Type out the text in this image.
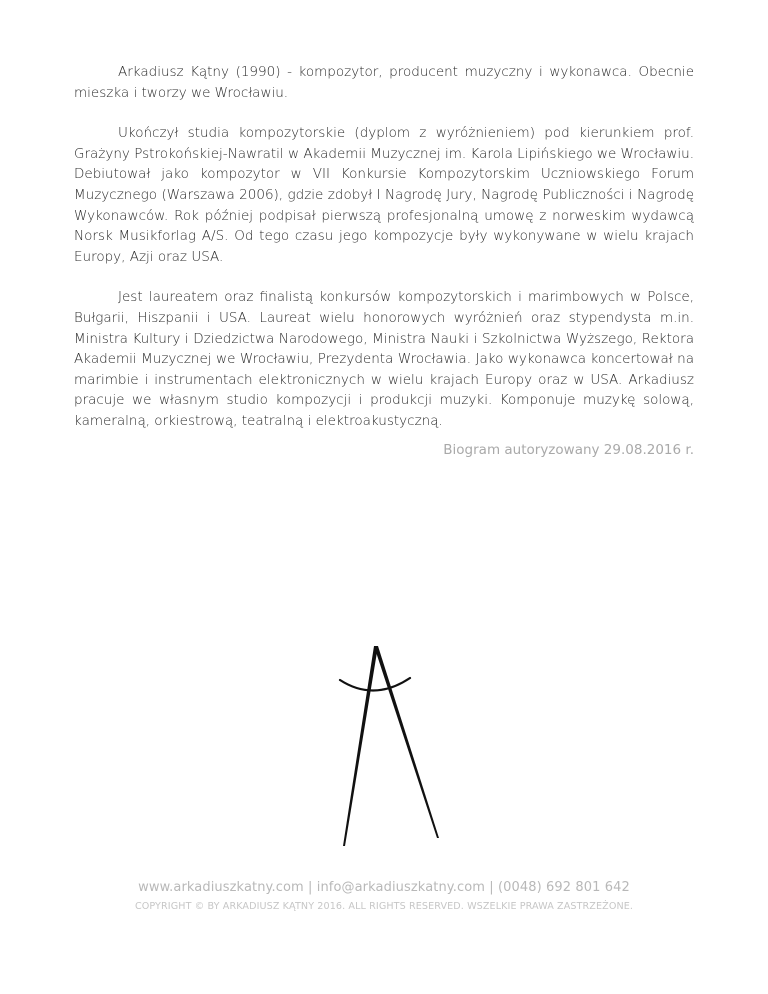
Arkadiusz Kątny (1990) - kompozytor, producent muzyczny i wykonawca. Obecnie mieszka i tworzy we Wrocławiu.

Ukończył studia kompozytorskie (dyplom z wyróżnieniem) pod kierunkiem prof. Grażyny Pstrokońskiej-Nawratil w Akademii Muzycznej im. Karola Lipińskiego we Wrocławiu. Debiutował jako kompozytor w VII Konkursie Kompozytorskim Uczniowskiego Forum Muzycznego (Warszawa 2006), gdzie zdobył I Nagrodę Jury, Nagrodę Publiczności i Nagrodę Wykonawców. Rok później podpisał pierwszą profesjonalną umowę z norweskim wydawcą Norsk Musikforlag A/S. Od tego czasu jego kompozycje były wykonywane w wielu krajach Europy, Azji oraz USA.

Jest laureatem oraz finalistą konkursów kompozytorskich i marimbowych w Polsce, Bułgarii, Hiszpanii i USA. Laureat wielu honorowych wyróżnień oraz stypendysta m.in. Ministra Kultury i Dziedzictwa Narodowego, Ministra Nauki i Szkolnictwa Wyższego, Rektora Akademii Muzycznej we Wrocławiu, Prezydenta Wrocławia. Jako wykonawca koncertował na marimbie i instrumentach elektronicznych w wielu krajach Europy oraz w USA. Arkadiusz pracuje we własnym studio kompozycji i produkcji muzyki. Komponuje muzykę solową, kameralną, orkiestrową, teatralną i elektroakustyczną.

Biogram autoryzowany 29.08.2016 r.
www.arkadiuszkatny.com | info@arkadiuszkatny.com | (0048) 692 801 642
COPYRIGHT © BY ARKADIUSZ KĄTNY 2016. ALL RIGHTS RESERVED. WSZELKIE PRAWA ZASTRZEŻONE.
